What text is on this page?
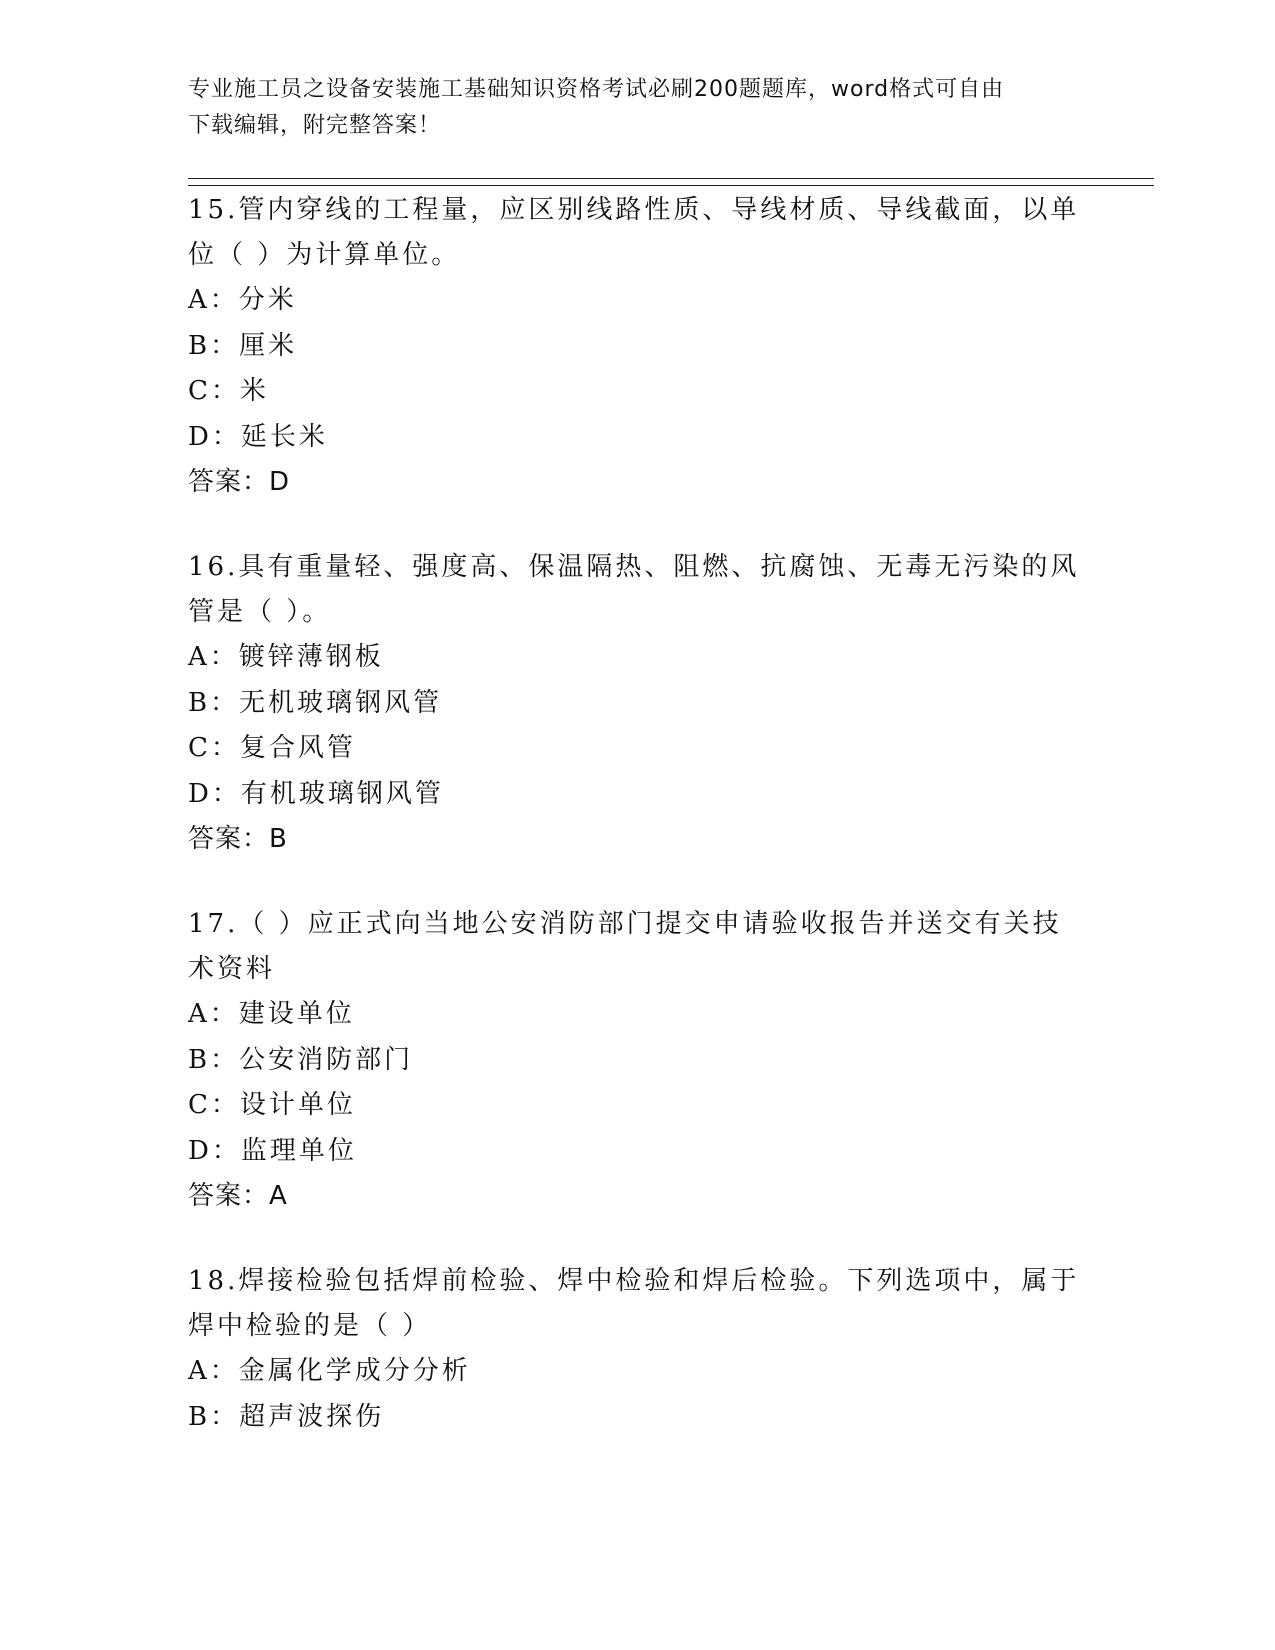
专业施工员之设备安装施工基础知识资格考试必刷200题题库，word格式可自由
下载编辑，附完整答案！

15.管内穿线的工程量，应区别线路性质、导线材质、导线截面，以单位（ ）为计算单位。

A：分米

B：厘米

C：米

D：延长米

答案：D

16.具有重量轻、强度高、保温隔热、阻燃、抗腐蚀、无毒无污染的风管是（ ）。

A：镀锌薄钢板

B：无机玻璃钢风管

C：复合风管

D：有机玻璃钢风管

答案：B

17.（ ）应正式向当地公安消防部门提交申请验收报告并送交有关技术资料

A：建设单位

B：公安消防部门

C：设计单位

D：监理单位

答案：A

18.焊接检验包括焊前检验、焊中检验和焊后检验。下列选项中，属于焊中检验的是（ ）

A：金属化学成分分析

B：超声波探伤
